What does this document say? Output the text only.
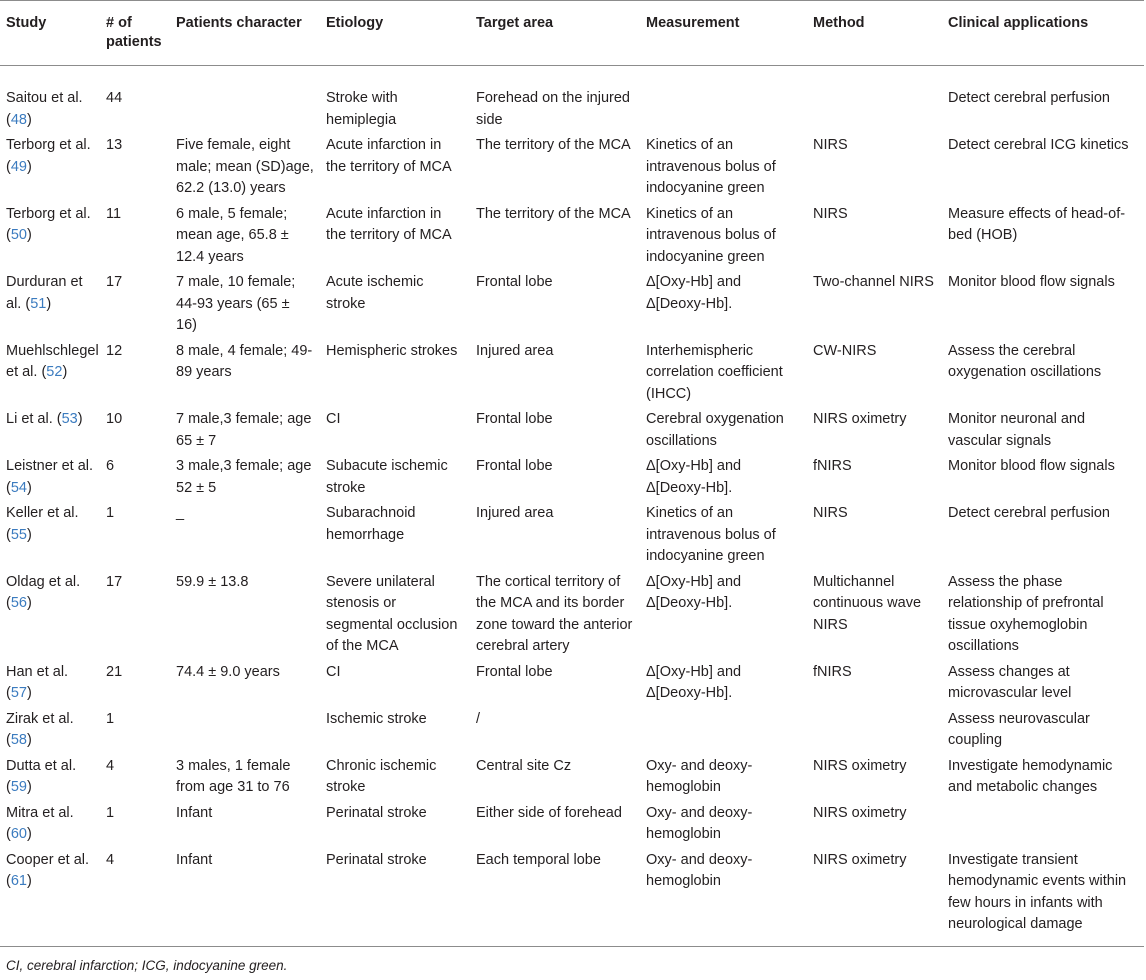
Study	# of patients	Patients character	Etiology	Target area	Measurement	Method	Clinical applications
Saitou et al. (48)	44		Stroke with hemiplegia	Forehead on the injured side			Detect cerebral perfusion
Terborg et al. (49)	13	Five female, eight male; mean (SD)age, 62.2 (13.0) years	Acute infarction in the territory of MCA	The territory of the MCA	Kinetics of an intravenous bolus of indocyanine green	NIRS	Detect cerebral ICG kinetics
Terborg et al. (50)	11	6 male, 5 female; mean age, 65.8 ± 12.4 years	Acute infarction in the territory of MCA	The territory of the MCA	Kinetics of an intravenous bolus of indocyanine green	NIRS	Measure effects of head-of-bed (HOB)
Durduran et al. (51)	17	7 male, 10 female; 44-93 years (65 ± 16)	Acute ischemic stroke	Frontal lobe	Δ[Oxy-Hb] and Δ[Deoxy-Hb].	Two-channel NIRS	Monitor blood flow signals
Muehlschlegel et al. (52)	12	8 male, 4 female; 49-89 years	Hemispheric strokes	Injured area	Interhemispheric correlation coefficient (IHCC)	CW-NIRS	Assess the cerebral oxygenation oscillations
Li et al. (53)	10	7 male,3 female; age 65 ± 7	CI	Frontal lobe	Cerebral oxygenation oscillations	NIRS oximetry	Monitor neuronal and vascular signals
Leistner et al. (54)	6	3 male,3 female; age 52 ± 5	Subacute ischemic stroke	Frontal lobe	Δ[Oxy-Hb] and Δ[Deoxy-Hb].	fNIRS	Monitor blood flow signals
Keller et al. (55)	1	_	Subarachnoid hemorrhage	Injured area	Kinetics of an intravenous bolus of indocyanine green	NIRS	Detect cerebral perfusion
Oldag et al. (56)	17	59.9 ± 13.8	Severe unilateral stenosis or segmental occlusion of the MCA	The cortical territory of the MCA and its border zone toward the anterior cerebral artery	Δ[Oxy-Hb] and Δ[Deoxy-Hb].	Multichannel continuous wave NIRS	Assess the phase relationship of prefrontal tissue oxyhemoglobin oscillations
Han et al. (57)	21	74.4 ± 9.0 years	CI	Frontal lobe	Δ[Oxy-Hb] and Δ[Deoxy-Hb].	fNIRS	Assess changes at microvascular level
Zirak et al. (58)	1		Ischemic stroke	/			Assess neurovascular coupling
Dutta et al. (59)	4	3 males, 1 female from age 31 to 76	Chronic ischemic stroke	Central site Cz	Oxy- and deoxy-hemoglobin	NIRS oximetry	Investigate hemodynamic and metabolic changes
Mitra et al. (60)	1	Infant	Perinatal stroke	Either side of forehead	Oxy- and deoxy-hemoglobin	NIRS oximetry	
Cooper et al. (61)	4	Infant	Perinatal stroke	Each temporal lobe	Oxy- and deoxy-hemoglobin	NIRS oximetry	Investigate transient hemodynamic events within few hours in infants with neurological damage
CI, cerebral infarction; ICG, indocyanine green.
